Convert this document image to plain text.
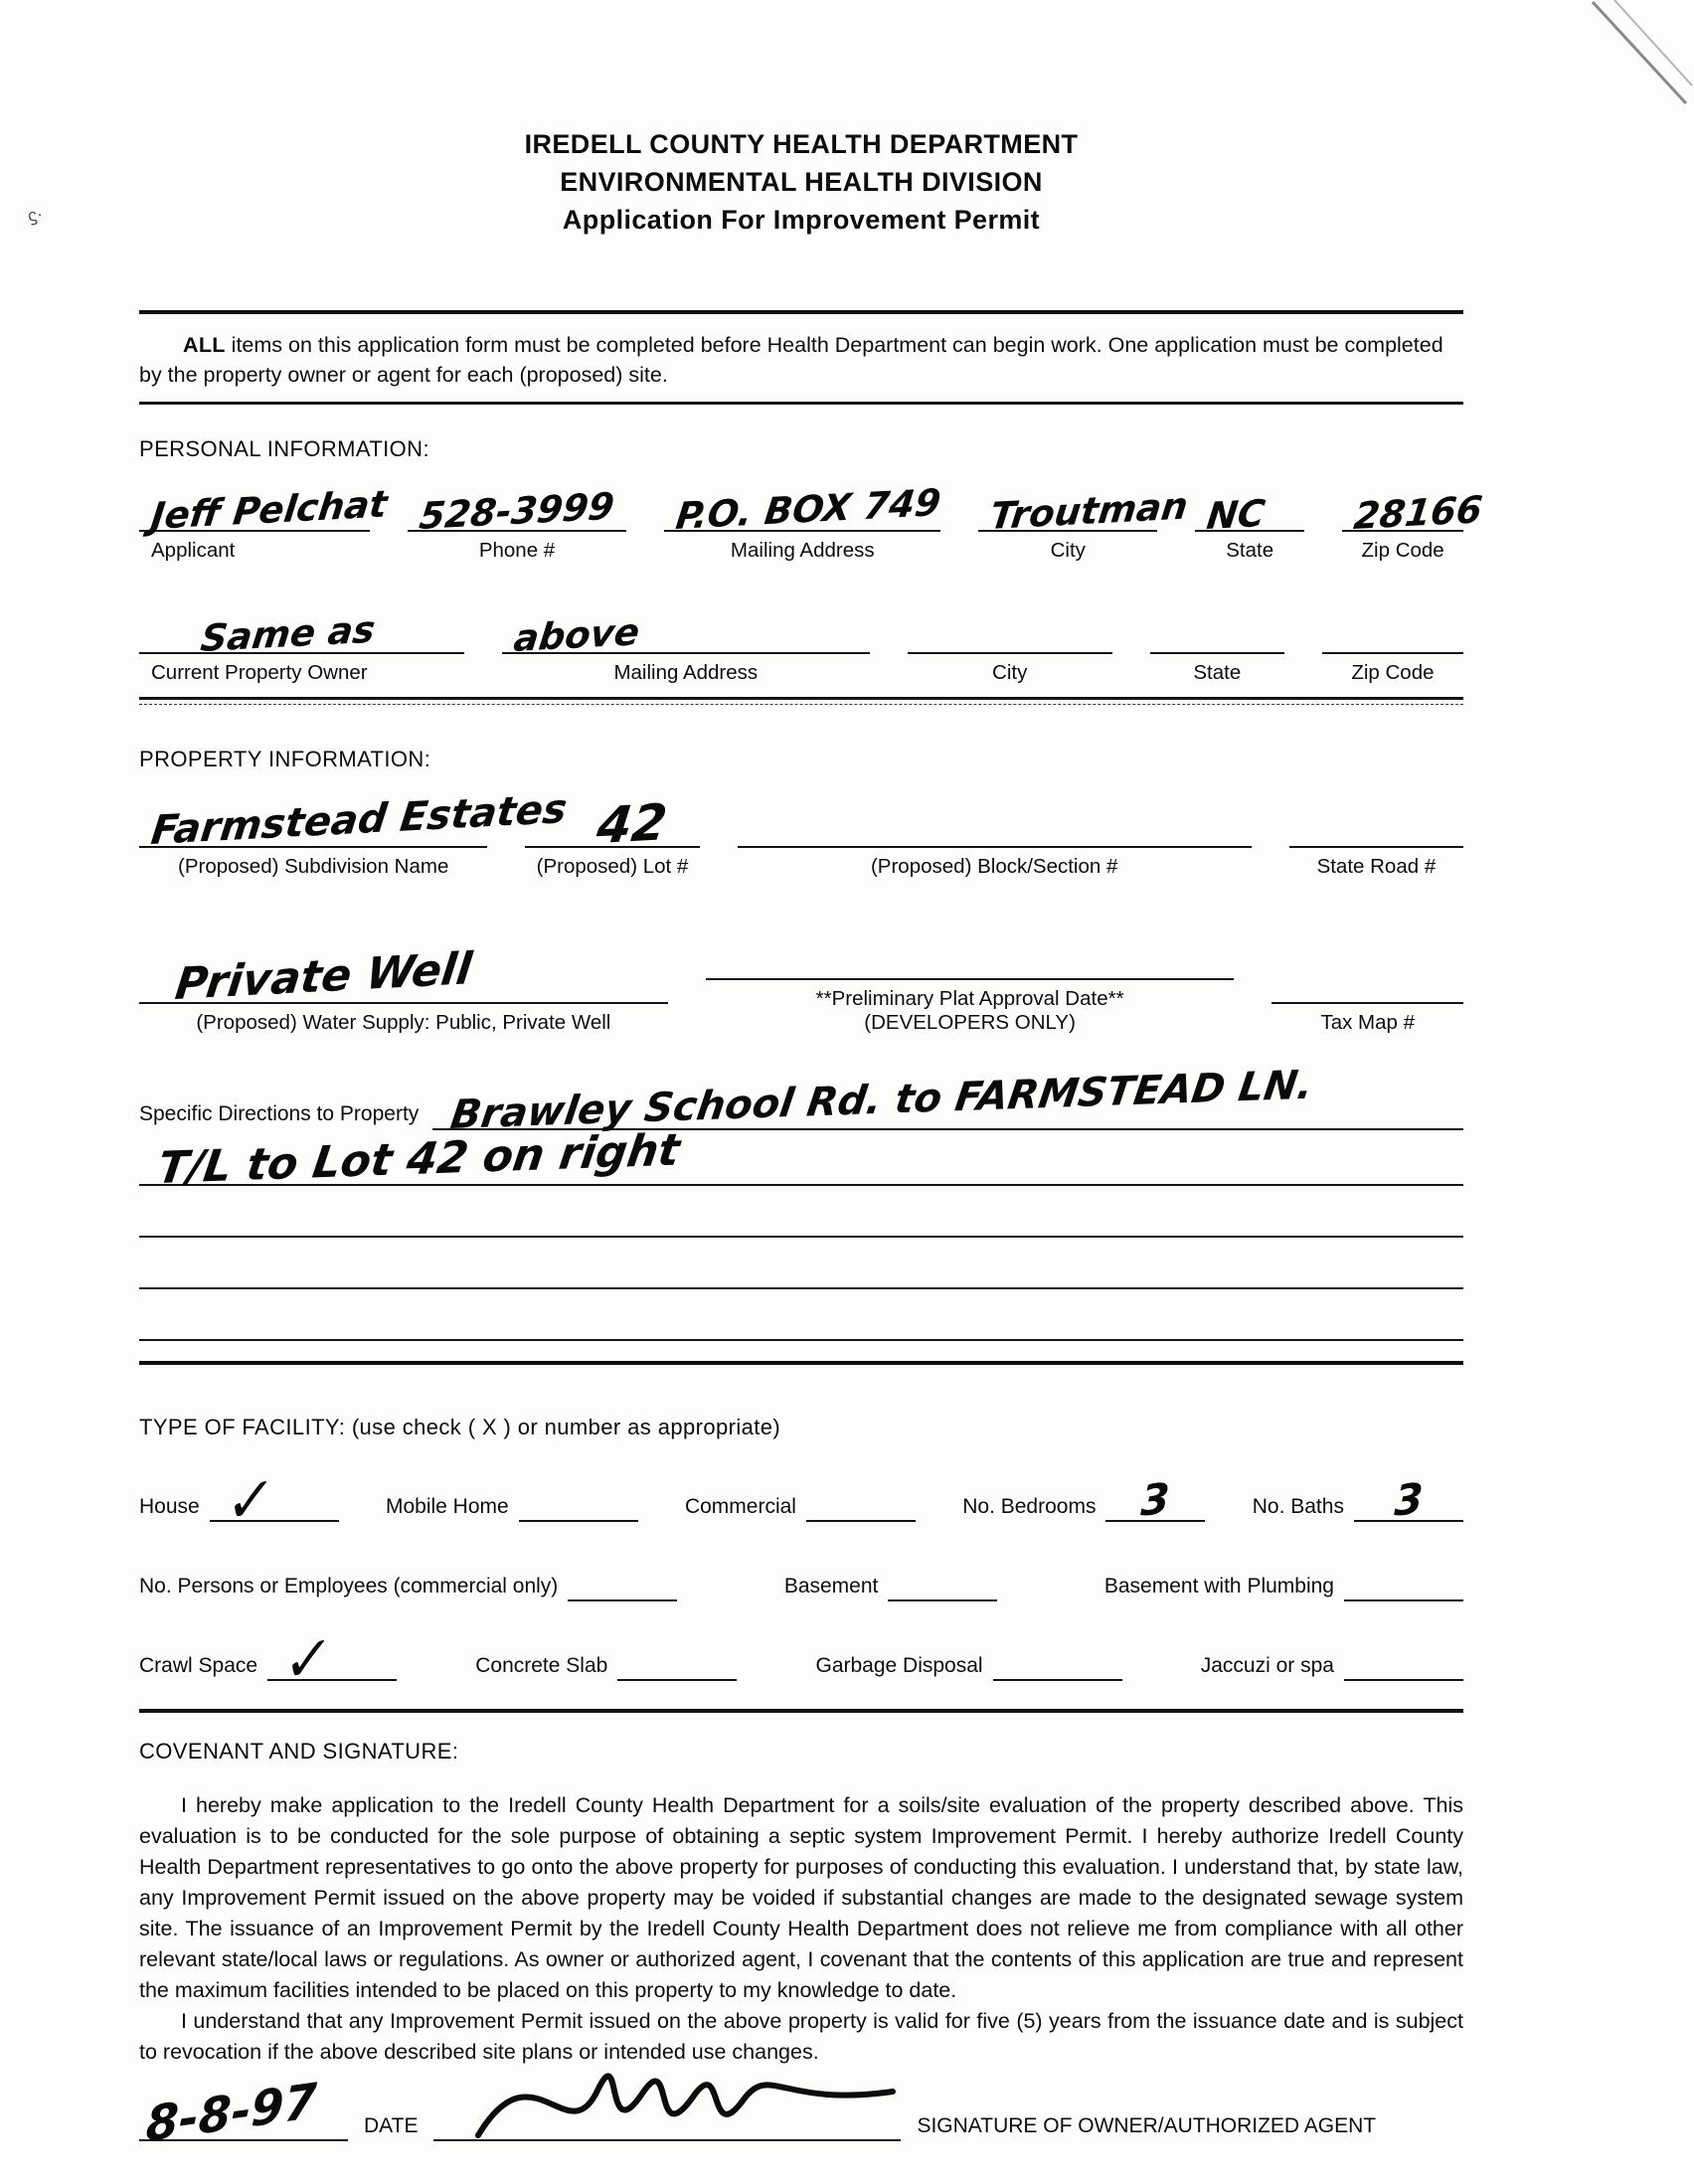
ϛ·
IREDELL COUNTY HEALTH DEPARTMENT
ENVIRONMENTAL HEALTH DIVISION
Application For Improvement Permit

ALL items on this application form must be completed before Health Department can begin work. One application must be completed by the property owner or agent for each (proposed) site.

PERSONAL INFORMATION:
Jeff Pelchat
Applicant
528-3999
Phone #
P.O. BOX 749
Mailing Address
Troutman
City
NC
State
28166
Zip Code
Same as
Current Property Owner
above
Mailing Address	City	State	Zip Code
PROPERTY INFORMATION:
Farmstead Estates
(Proposed) Subdivision Name
42
(Proposed) Lot #	(Proposed) Block/Section #	State Road #
Private Well
(Proposed) Water Supply: Public, Private Well
**Preliminary Plat Approval Date**
(DEVELOPERS ONLY)	Tax Map #
Specific Directions to Property Brawley School Rd. to FARMSTEAD LN.
T/L to Lot 42 on right
TYPE OF FACILITY: (use check ( X ) or number as appropriate)
House ✓	Mobile Home	Commercial	No. Bedrooms 3	No. Baths 3
No. Persons or Employees (commercial only)	Basement	Basement with Plumbing
Crawl Space ✓	Concrete Slab	Garbage Disposal	Jaccuzi or spa
COVENANT AND SIGNATURE:

I hereby make application to the Iredell County Health Department for a soils/site evaluation of the property described above. This evaluation is to be conducted for the sole purpose of obtaining a septic system Improvement Permit. I hereby authorize Iredell County Health Department representatives to go onto the above property for purposes of conducting this evaluation. I understand that, by state law, any Improvement Permit issued on the above property may be voided if substantial changes are made to the designated sewage system site. The issuance of an Improvement Permit by the Iredell County Health Department does not relieve me from compliance with all other relevant state/local laws or regulations. As owner or authorized agent, I covenant that the contents of this application are true and represent the maximum facilities intended to be placed on this property to my knowledge to date.

I understand that any Improvement Permit issued on the above property is valid for five (5) years from the issuance date and is subject to revocation if the above described site plans or intended use changes.

8-8-97 DATE	SIGNATURE OF OWNER/AUTHORIZED AGENT
